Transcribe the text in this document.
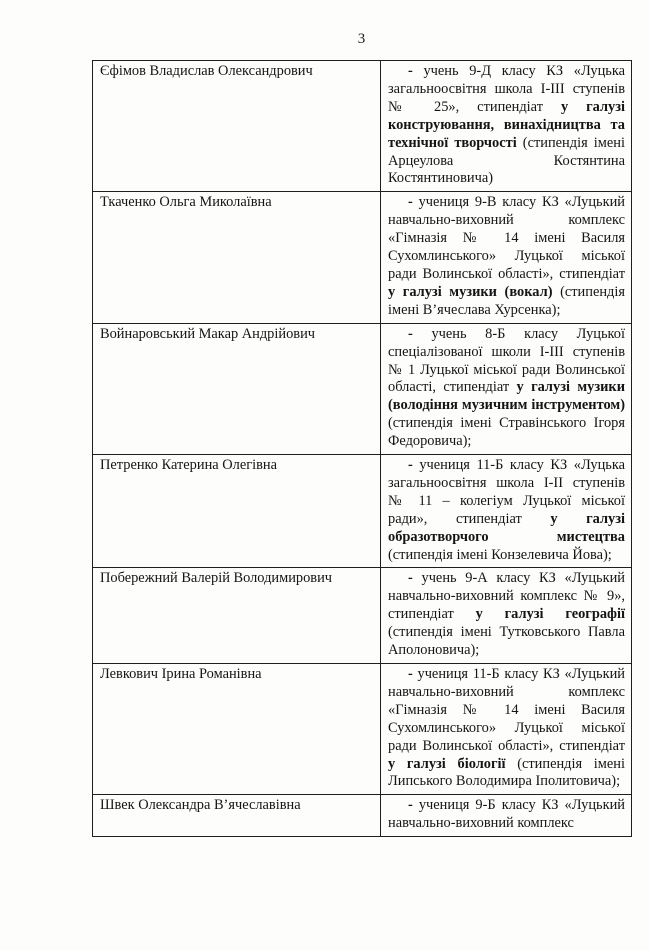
3
Єфімов Владислав Олександрович	- учень 9-Д класу КЗ «Луцька загальноосвітня школа І-ІІІ ступенів № 25», стипендіат у галузі конструювання, винахідництва та технічної творчості (стипендія імені Арцеулова Костянтина Костянтиновича)

Ткаченко Ольга Миколаївна	- учениця 9-В класу КЗ «Луцький навчально-виховний комплекс «Гімназія № 14 імені Василя Сухомлинського» Луцької міської ради Волинської області», стипендіат у галузі музики (вокал) (стипендія імені В’ячеслава Хурсенка);

Войнаровський Макар Андрійович	- учень 8-Б класу Луцької спеціалізованої школи І-ІІІ ступенів № 1 Луцької міської ради Волинської області, стипендіат у галузі музики (володіння музичним інструментом) (стипендія імені Стравінського Ігоря Федоровича);

Петренко Катерина Олегівна	- учениця 11-Б класу КЗ «Луцька загальноосвітня школа І-ІІ ступенів № 11 – колегіум Луцької міської ради», стипендіат у галузі образотворчого мистецтва (стипендія імені Конзелевича Йова);

Побережний Валерій Володимирович	- учень 9-А класу КЗ «Луцький навчально-виховний комплекс № 9», стипендіат у галузі географії (стипендія імені Тутковського Павла Аполоновича);

Левкович Ірина Романівна	- учениця 11-Б класу КЗ «Луцький навчально-виховний комплекс «Гімназія № 14 імені Василя Сухомлинського» Луцької міської ради Волинської області», стипендіат у галузі біології (стипендія імені Липського Володимира Іполитовича);

Швек Олександра В’ячеславівна	- учениця 9-Б класу КЗ «Луцький навчально-виховний комплекс
